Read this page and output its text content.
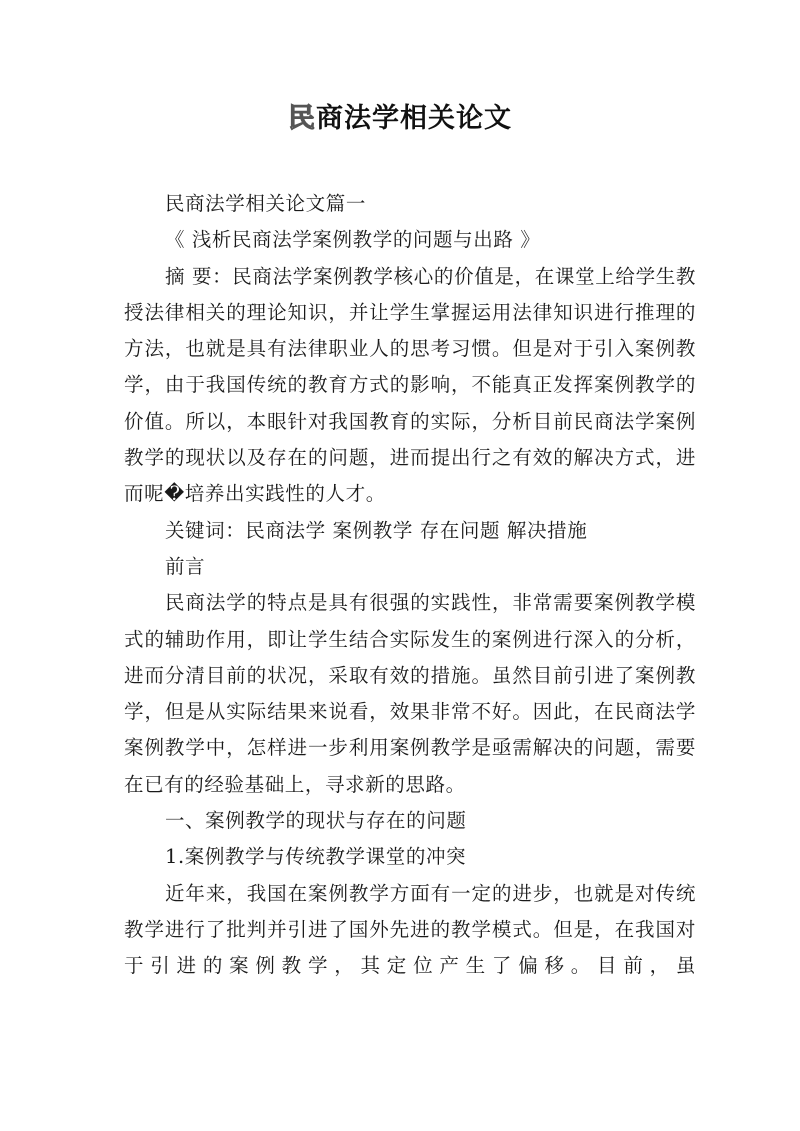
民商法学相关论文

民商法学相关论文篇一

《 浅析民商法学案例教学的问题与出路 》

摘 要：民商法学案例教学核心的价值是，在课堂上给学生教授法律相关的理论知识，并让学生掌握运用法律知识进行推理的方法，也就是具有法律职业人的思考习惯。但是对于引入案例教学，由于我国传统的教育方式的影响，不能真正发挥案例教学的价值。所以，本眼针对我国教育的实际，分析目前民商法学案例教学的现状以及存在的问题，进而提出行之有效的解决方式，进而呢�培养出实践性的人才。

关键词：民商法学 案例教学 存在问题 解决措施

前言

民商法学的特点是具有很强的实践性，非常需要案例教学模式的辅助作用，即让学生结合实际发生的案例进行深入的分析，进而分清目前的状况，采取有效的措施。虽然目前引进了案例教学，但是从实际结果来说看，效果非常不好。因此，在民商法学案例教学中，怎样进一步利用案例教学是亟需解决的问题，需要在已有的经验基础上，寻求新的思路。

一、案例教学的现状与存在的问题

1.案例教学与传统教学课堂的冲突

近年来，我国在案例教学方面有一定的进步，也就是对传统教学进行了批判并引进了国外先进的教学模式。但是，在我国对于引进的案例教学，其定位产生了偏移。目前，虽
